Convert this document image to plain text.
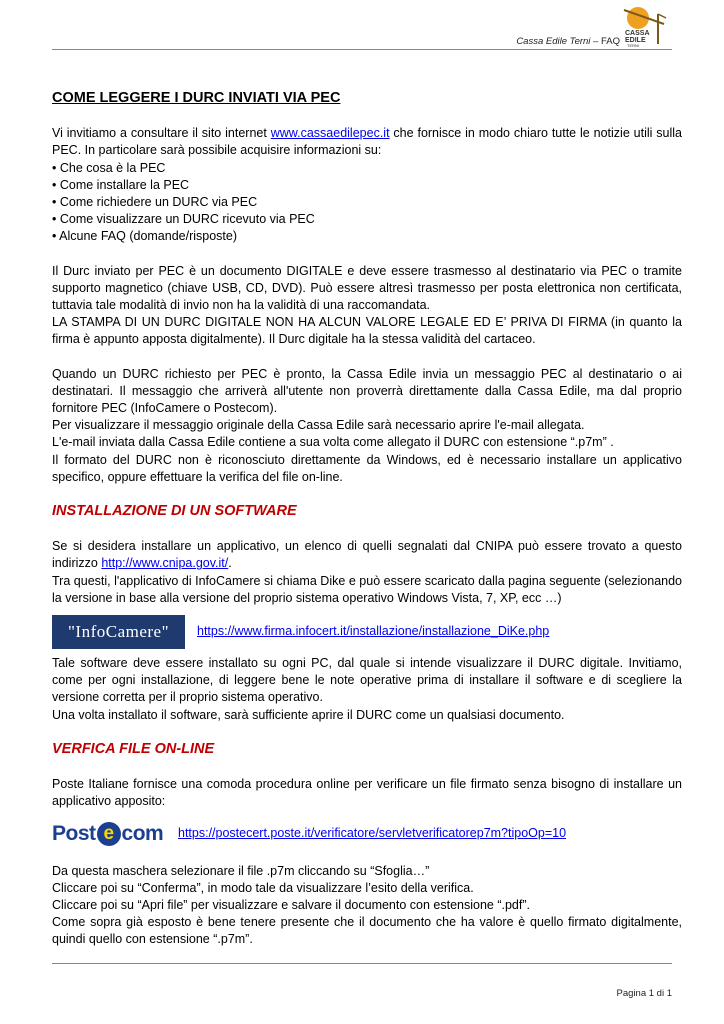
Cassa Edile Terni – FAQ
CASSA
EDILE
TERNI
COME LEGGERE I DURC INVIATI VIA PEC

Vi invitiamo a consultare il sito internet www.cassaedilepec.it che fornisce in modo chiaro tutte le notizie utili sulla PEC. In particolare sarà possibile acquisire informazioni su:

• Che cosa è la PEC
• Come installare la PEC
• Come richiedere un DURC via PEC
• Come visualizzare un DURC ricevuto via PEC
• Alcune FAQ (domande/risposte)

Il Durc inviato per PEC è un documento DIGITALE e deve essere trasmesso al destinatario via PEC o tramite supporto magnetico (chiave USB, CD, DVD). Può essere altresì trasmesso per posta elettronica non certificata, tuttavia tale modalità di invio non ha la validità di una raccomandata.

LA STAMPA DI UN DURC DIGITALE NON HA ALCUN VALORE LEGALE ED E’ PRIVA DI FIRMA (in quanto la firma è appunto apposta digitalmente). Il Durc digitale ha la stessa validità del cartaceo.

Quando un DURC richiesto per PEC è pronto, la Cassa Edile invia un messaggio PEC al destinatario o ai destinatari. Il messaggio che arriverà all'utente non proverrà direttamente dalla Cassa Edile, ma dal proprio fornitore PEC (InfoCamere o Postecom).

Per visualizzare il messaggio originale della Cassa Edile sarà necessario aprire l'e-mail allegata.

L'e-mail inviata dalla Cassa Edile contiene a sua volta come allegato il DURC con estensione “.p7m” .

Il formato del DURC non è riconosciuto direttamente da Windows, ed è necessario installare un applicativo specifico, oppure effettuare la verifica del file on-line.

INSTALLAZIONE DI UN SOFTWARE

Se si desidera installare un applicativo, un elenco di quelli segnalati dal CNIPA può essere trovato a questo indirizzo http://www.cnipa.gov.it/.

Tra questi, l'applicativo di InfoCamere si chiama Dike e può essere scaricato dalla pagina seguente (selezionando la versione in base alla versione del proprio sistema operativo Windows Vista, 7, XP, ecc …)

"InfoCamere"	https://www.firma.infocert.it/installazione/installazione_DiKe.php

Tale software deve essere installato su ogni PC, dal quale si intende visualizzare il DURC digitale. Invitiamo, come per ogni installazione, di leggere bene le note operative prima di installare il software e di scegliere la versione corretta per il proprio sistema operativo.

Una volta installato il software, sarà sufficiente aprire il DURC come un qualsiasi documento.

VERFICA FILE ON-LINE

Poste Italiane fornisce una comoda procedura online per verificare un file firmato senza bisogno di installare un applicativo apposito:

Post e com https://postecert.poste.it/verificatore/servletverificatorep7m?tipoOp=10

Da questa maschera selezionare il file .p7m cliccando su “Sfoglia…”

Cliccare poi su “Conferma”, in modo tale da visualizzare l’esito della verifica.

Cliccare poi su “Apri file” per visualizzare e salvare il documento con estensione “.pdf”.

Come sopra già esposto è bene tenere presente che il documento che ha valore è quello firmato digitalmente, quindi quello con estensione “.p7m”.

Pagina 1 di 1
